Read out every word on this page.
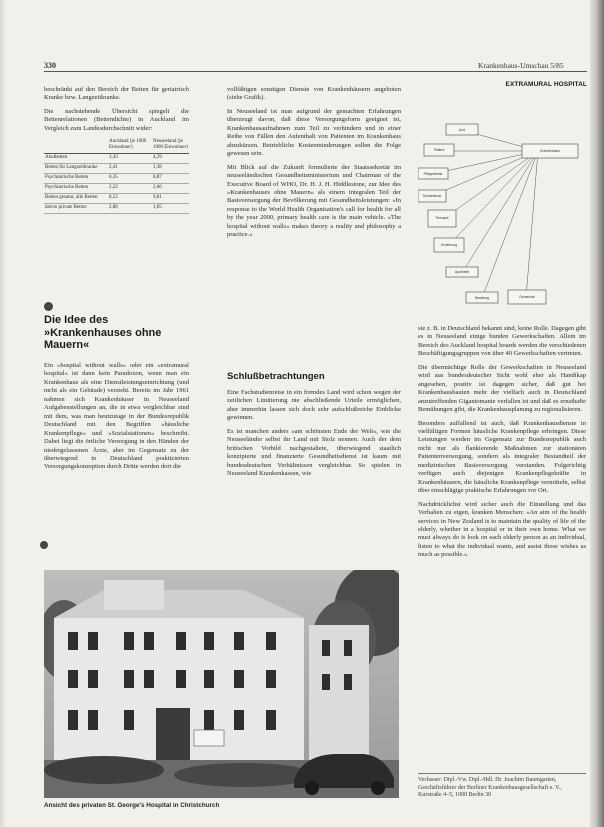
330	Krankenhaus-Umschau 5/85

beschränkt auf den Bereich der Betten für geriatrisch Kranke bzw. Langzeitkranke.

Die nachstehende Übersicht spiegelt die Bettenrelationen (Bettendichte) in Auckland im Vergleich zum Landesdurchschnitt wider:

	Auckland (je 1000 Einwohner)	Neuseeland (je 1000 Einwohner)
Akutbetten	3,43	4,29
Betten für Langzeitkranke	2,41	1,38
Psychiatrische Betten	0,35	0,87
Psychiatrische Betten	2,22	2,66
Betten gesamt, alle Betten	8,53	9,81
davon private Betten	2,88	1,65
Die Idee des »Krankenhauses ohne Mauern«

Ein »hospital without walls« oder ein »extramural hospital« ist dann kein Paradoxon, wenn man ein Krankenhaus als eine Dienstleistungseinrichtung (und nicht als ein Gebäude) versteht. Bereits im Jahr 1961 nahmen sich Krankenhäuser in Neuseeland Aufgabenstellungen an, die in etwa vergleichbar sind mit dem, was man heutzutage in der Bundesrepublik Deutschland mit den Begriffen »häusliche Krankenpflege« und »Sozialstationen« beschreibt. Dabei liegt die örtliche Versorgung in den Händen der niedergelassenen Ärzte, aber im Gegensatz zu der überwiegend in Deutschland praktizierten Versorgungskonzeption durch Dritte werden dort die

vollfähigen sonstigen Dienste von Krankenhäusern angeboten (siehe Grafik).

In Neuseeland ist man aufgrund der gemachten Erfahrungen überzeugt davon, daß diese Versorgungsform geeignet ist, Krankenhausaufnahmen zum Teil zu verhindern und in einer Reihe von Fällen den Aufenthalt von Patienten im Krankenhaus abzukürzen. Betriebliche Kostenminderungen sollen die Folge gewesen sein.

Mit Blick auf die Zukunft formulierte der Staatssekretär im neuseeländischen Gesundheitsministerium und Chairman of the Executive Board of WHO, Dr. H. J. H. Hiddlestone, zur Idee des »Krankenhauses ohne Mauern« als einem integralen Teil der Basisversorgung der Bevölkerung mit Gesundheitsleistungen: »In response to the World Health Organisation's call for health for all by the year 2000, primary health care is the main vehicle. «The hospital without walls« makes theory a reality and philosophy a practice.«

Schlußbetrachtungen

Eine Fachstudienreise in ein fremdes Land wird schon wegen der zeitlichen Limitierung nie abschließende Urteile ermöglichen, aber immerhin lassen sich doch sehr aufschlußreiche Einblicke gewinnen.

Es ist manchen anders »am schönsten Ende der Welt«, wie die Neuseeländer selbst ihr Land mit Stolz nennen. Auch der dem britischen Vorbild nachgestaltete, überwiegend staatlich konzipierte und finanzierte Gesundheitsdienst ist kaum mit bundesdeutschen Verhältnissen vergleichbar. So spielen in Neuseeland Krankenkassen, wie

EXTRAMURAL HOSPITAL
Arzt
Patient
Pflegedienst
Sozialdienst
Krankenhaus
Therapie
Ernährung
Apotheke
Beratung	Gemeinde

sie z. B. in Deutschland bekannt sind, keine Rolle. Dagegen gibt es in Neuseeland einige bunden Gewerkschaften. Allein im Bereich des Auckland hospital boards werden die verschiedenen Beschäftigungsgruppen von über 40 Gewerkschaften vertreten.

Die übermächtige Rolle der Gewerkschaften in Neuseeland wird aus bundesdeutscher Sicht wohl eher als Handikap angesehen, positiv ist dagegen sicher, daß gut bei Krankenhausbauten mehr der vielfach auch in Deutschland anzutreffenden Gigantomanie verfallen ist und daß es ernsthafte Bemühungen gibt, die Krankenhausplanung zu regionalisieren.

Besonders auffallend ist auch, daß Krankenhausdienste in vielfältigen Formen häusliche Krankenpflege erbringen. Diese Leistungen werden im Gegensatz zur Bundesrepublik auch nicht nur als flankierende Maßnahmen zur stationären Patientenversorgung, sondern als integraler Bestandteil der medizinischen Basisversorgung verstanden. Folgerichtig verfügen auch diejenigen Krankenpflegekräfte in Krankenhäusern, die häusliche Krankenpflege vermitteln, selbst über einschlägige praktische Erfahrungen vor Ort.

Nachdrücklichst wird sicher auch die Einstellung und das Verhalten zu eigen, kranken Menschen: »An aim of the health services in New Zealand is to maintain the quality of life of the elderly, whether in a hospital or in their own home. What we must always do is look on each elderly person as an individual, listen to what the individual wants, and assist those wishes as much as possible.«

Ansicht des privaten St. George's Hospital in Christchurch
Verfasser: Dipl.-Vw. Dipl.-Hdl. Dr. Joachim Baumgarten, Geschäftsführer der Berliner Krankenhausgesellschaft e. V., Kurstraße 4–5, 1000 Berlin 30
